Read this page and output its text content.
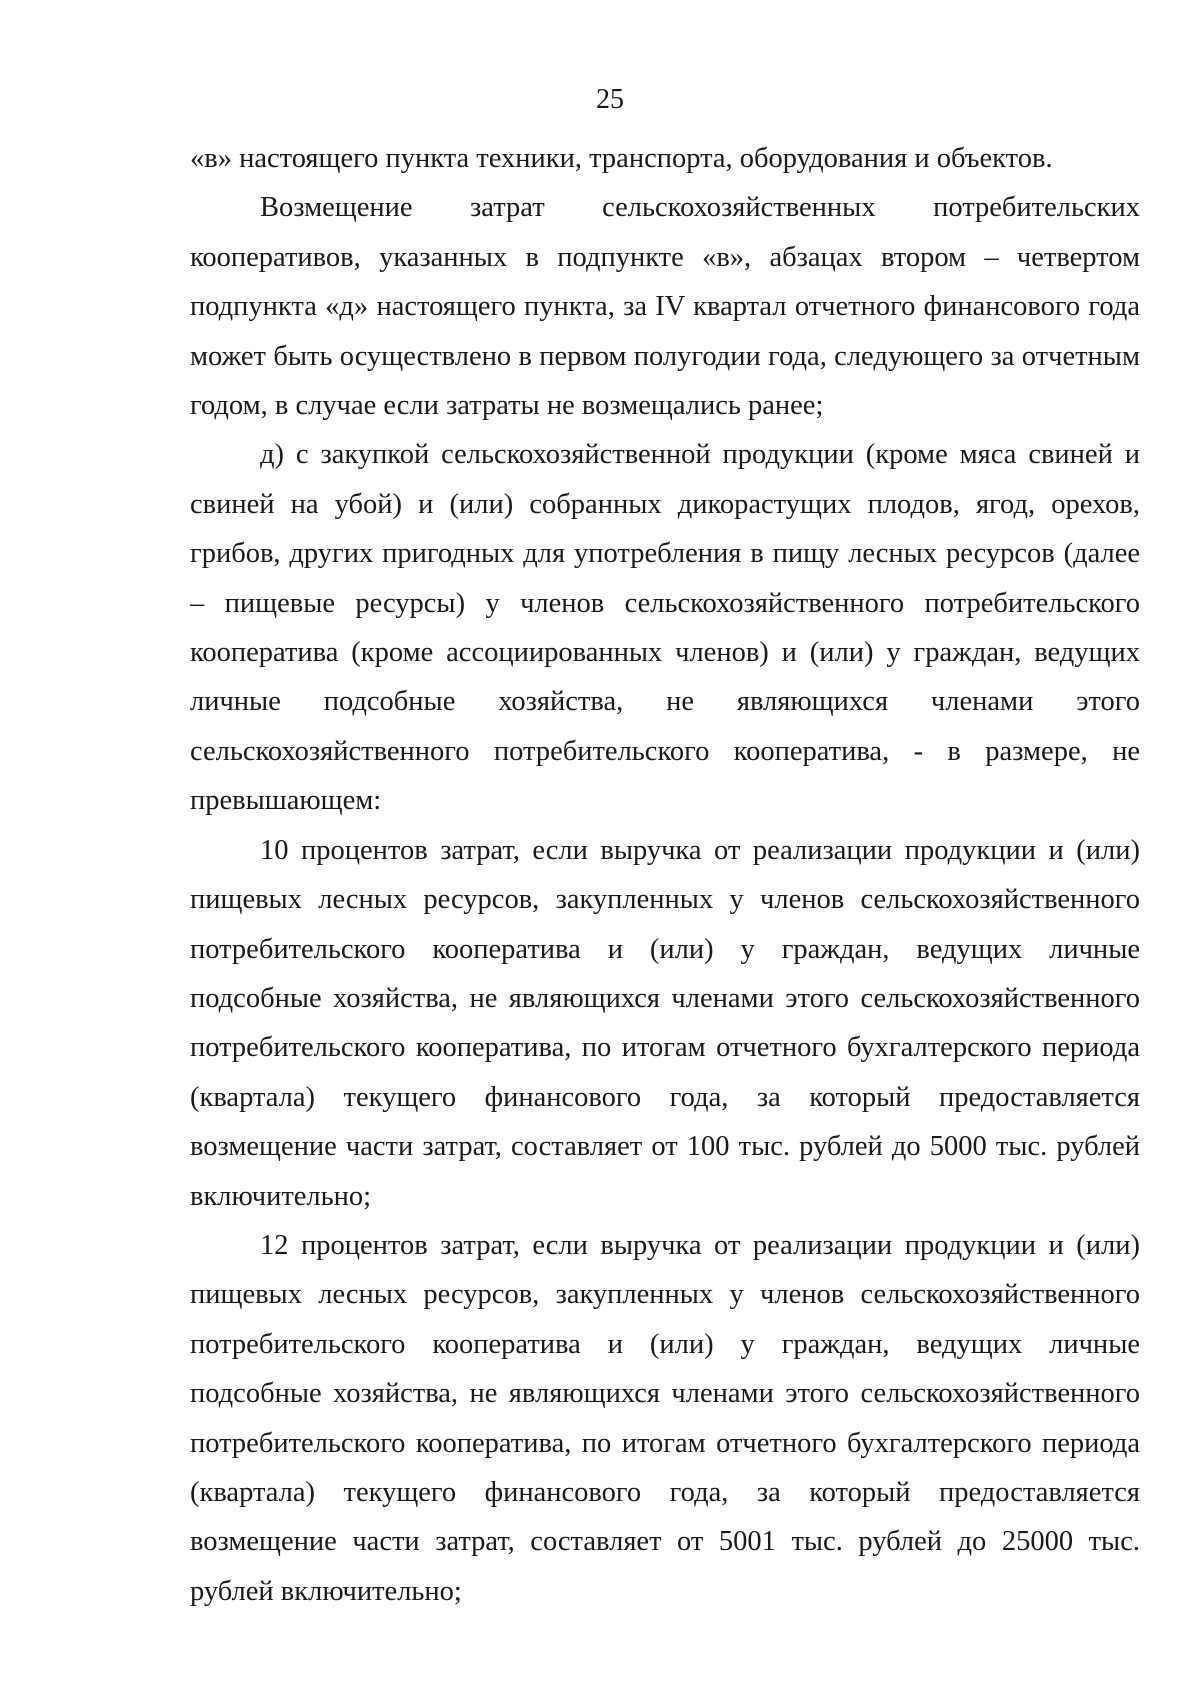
25

«в» настоящего пункта техники, транспорта, оборудования и объектов.

Возмещение затрат сельскохозяйственных потребительских кооперативов, указанных в подпункте «в», абзацах втором – четвертом подпункта «д» настоящего пункта, за IV квартал отчетного финансового года может быть осуществлено в первом полугодии года, следующего за отчетным годом, в случае если затраты не возмещались ранее;

д) с закупкой сельскохозяйственной продукции (кроме мяса свиней и свиней на убой) и (или) собранных дикорастущих плодов, ягод, орехов, грибов, других пригодных для употребления в пищу лесных ресурсов (далее – пищевые ресурсы) у членов сельскохозяйственного потребительского кооператива (кроме ассоциированных членов) и (или) у граждан, ведущих личные подсобные хозяйства, не являющихся членами этого сельскохозяйственного потребительского кооператива, - в размере, не превышающем:

10 процентов затрат, если выручка от реализации продукции и (или) пищевых лесных ресурсов, закупленных у членов сельскохозяйственного потребительского кооператива и (или) у граждан, ведущих личные подсобные хозяйства, не являющихся членами этого сельскохозяйственного потребительского кооператива, по итогам отчетного бухгалтерского периода (квартала) текущего финансового года, за который предоставляется возмещение части затрат, составляет от 100 тыс. рублей до 5000 тыс. рублей включительно;

12 процентов затрат, если выручка от реализации продукции и (или) пищевых лесных ресурсов, закупленных у членов сельскохозяйственного потребительского кооператива и (или) у граждан, ведущих личные подсобные хозяйства, не являющихся членами этого сельскохозяйственного потребительского кооператива, по итогам отчетного бухгалтерского периода (квартала) текущего финансового года, за который предоставляется возмещение части затрат, составляет от 5001 тыс. рублей до 25000 тыс. рублей включительно;
